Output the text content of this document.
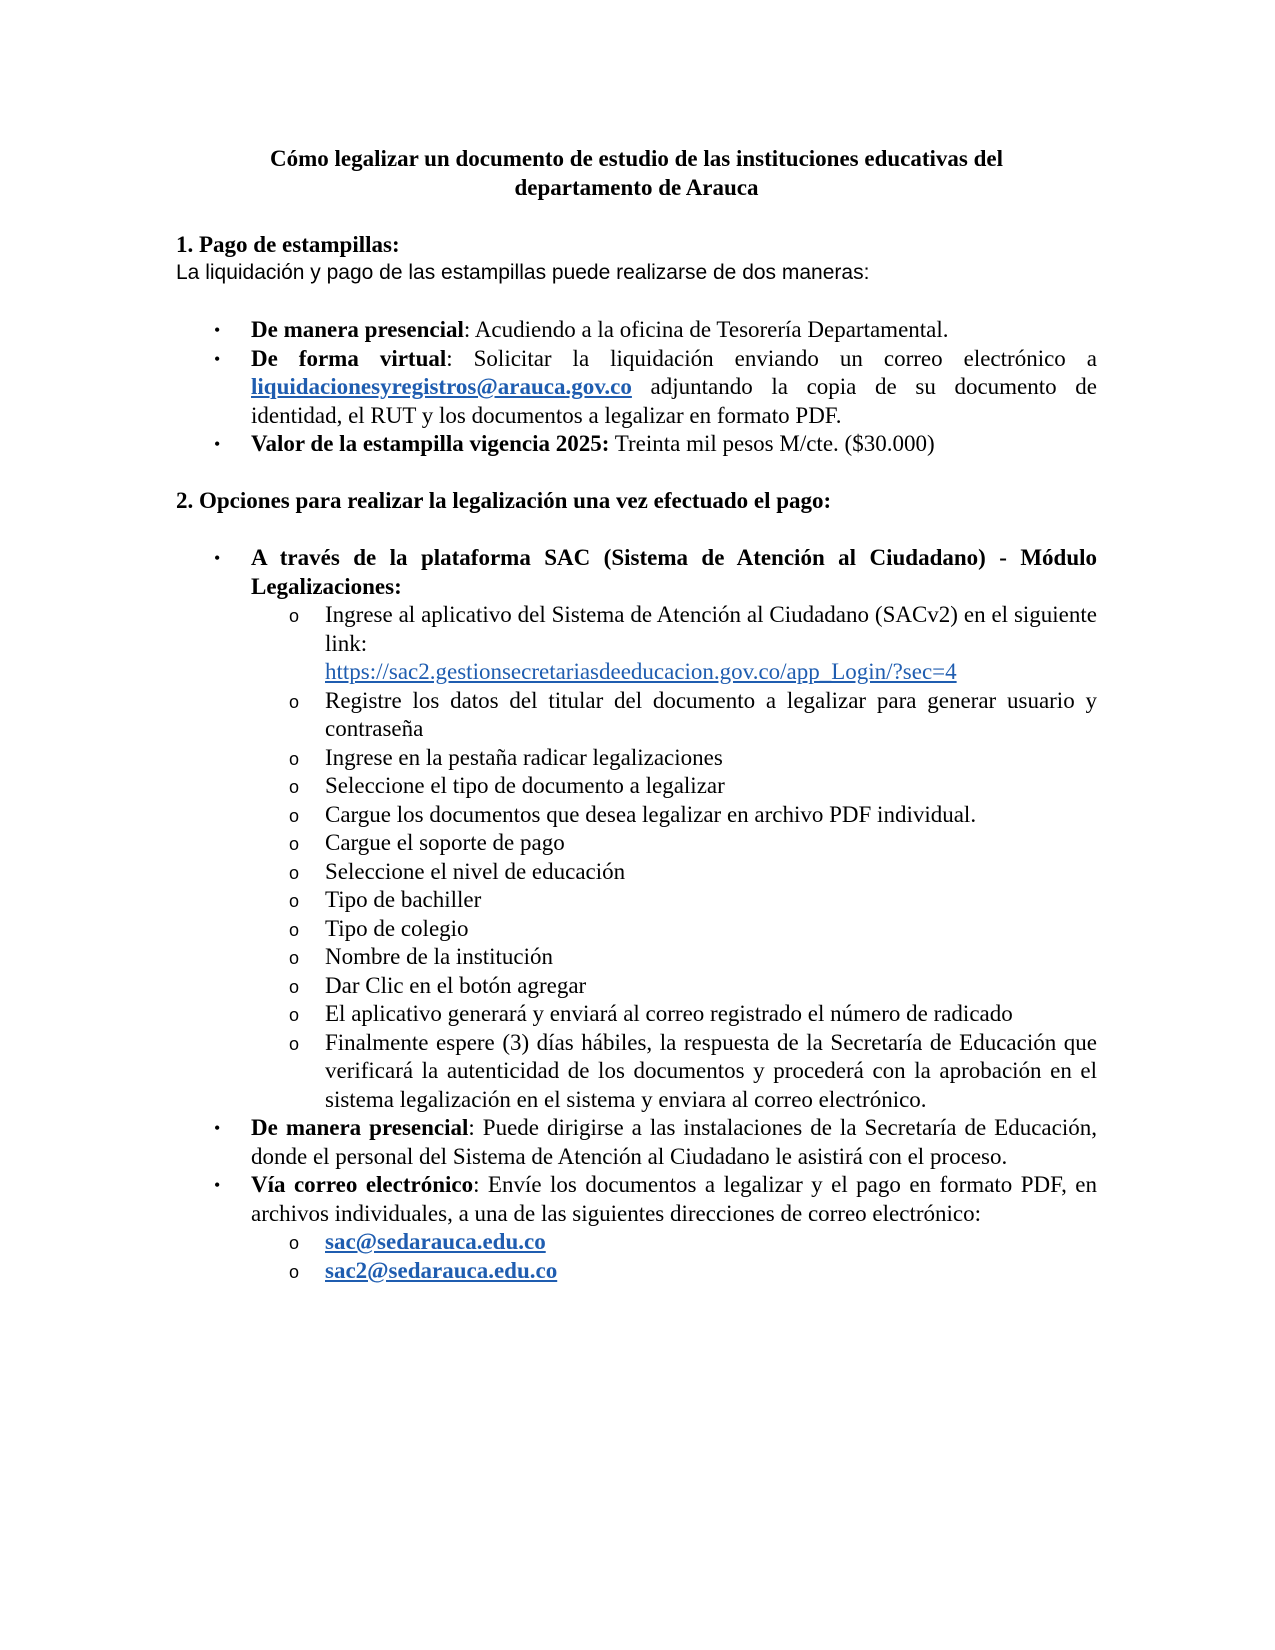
Cómo legalizar un documento de estudio de las instituciones educativas del
departamento de Arauca

1. Pago de estampillas:

La liquidación y pago de las estampillas puede realizarse de dos maneras:

• De manera presencial: Acudiendo a la oficina de Tesorería Departamental.
• De forma virtual: Solicitar la liquidación enviando un correo electrónico a liquidacionesyregistros@arauca.gov.co adjuntando la copia de su documento de identidad, el RUT y los documentos a legalizar en formato PDF.
• Valor de la estampilla vigencia 2025: Treinta mil pesos M/cte. ($30.000)

2. Opciones para realizar la legalización una vez efectuado el pago:

• A través de la plataforma SAC (Sistema de Atención al Ciudadano) - Módulo Legalizaciones:
o Ingrese al aplicativo del Sistema de Atención al Ciudadano (SACv2) en el siguiente link:
https://sac2.gestionsecretariasdeeducacion.gov.co/app_Login/?sec=4
o Registre los datos del titular del documento a legalizar para generar usuario y contraseña
o Ingrese en la pestaña radicar legalizaciones
o Seleccione el tipo de documento a legalizar
o Cargue los documentos que desea legalizar en archivo PDF individual.
o Cargue el soporte de pago
o Seleccione el nivel de educación
o Tipo de bachiller
o Tipo de colegio
o Nombre de la institución
o Dar Clic en el botón agregar
o El aplicativo generará y enviará al correo registrado el número de radicado
o Finalmente espere (3) días hábiles, la respuesta de la Secretaría de Educación que verificará la autenticidad de los documentos y procederá con la aprobación en el sistema legalización en el sistema y enviara al correo electrónico.
• De manera presencial: Puede dirigirse a las instalaciones de la Secretaría de Educación, donde el personal del Sistema de Atención al Ciudadano le asistirá con el proceso.
• Vía correo electrónico: Envíe los documentos a legalizar y el pago en formato PDF, en archivos individuales, a una de las siguientes direcciones de correo electrónico:
o sac@sedarauca.edu.co
o sac2@sedarauca.edu.co
